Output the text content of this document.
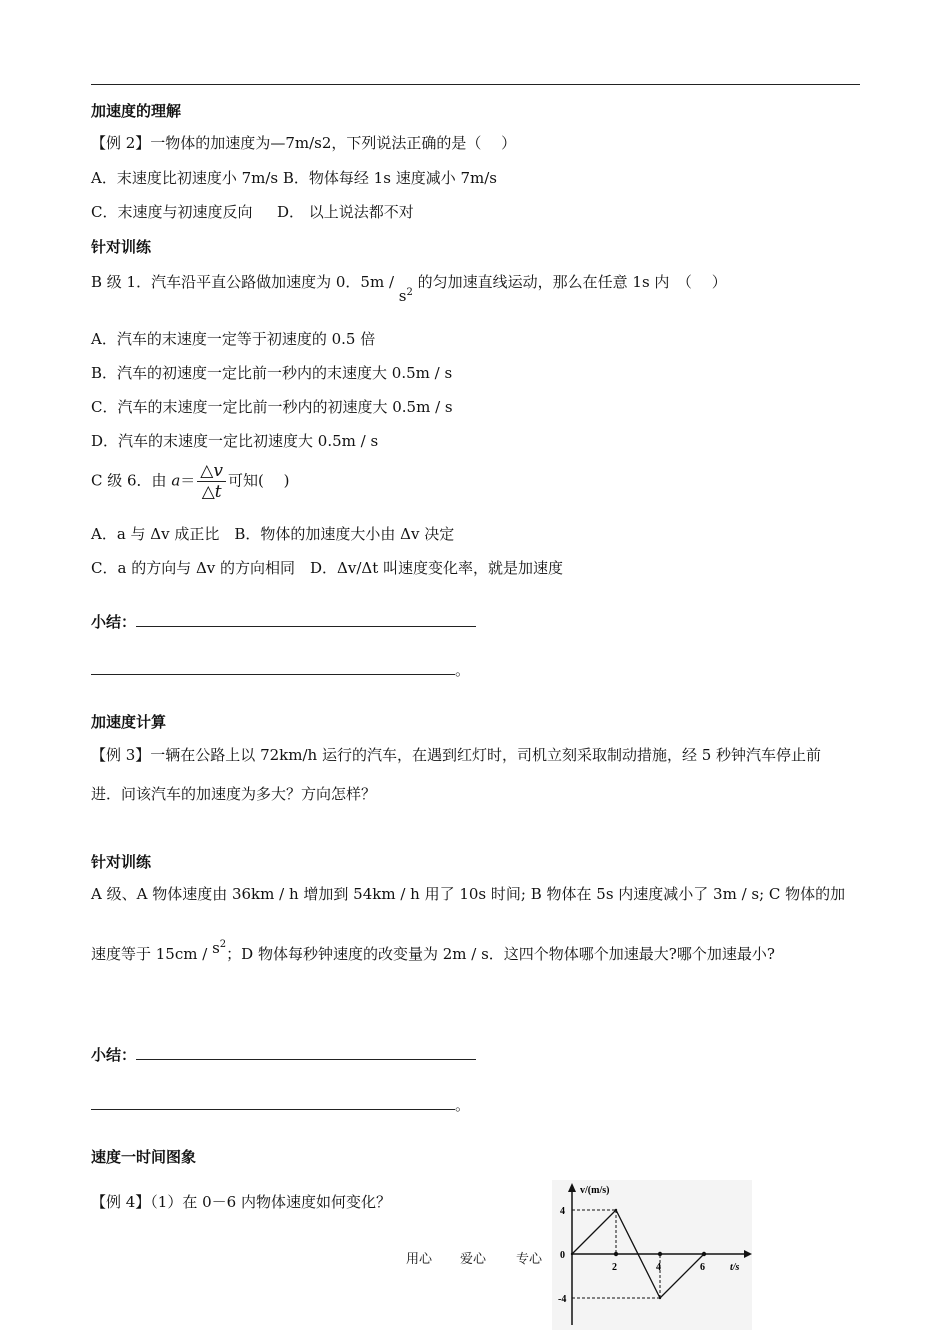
加速度的理解
【例 2】一物体的加速度为—7m/s2，下列说法正确的是（　 ）
A．末速度比初速度小 7m/s B．物体每经 1s 速度减小 7m/s
C．末速度与初速度反向 　 D． 以上说法都不对
针对训练
B 级 1．汽车沿平直公路做加速度为 0．$5m / s^2$ 的匀加速直线运动，那么在任意 1s 内　（　 ）
A．汽车的末速度一定等于初速度的 0.5 倍
B．汽车的初速度一定比前一秒内的末速度大 0.5m / s
C．汽车的末速度一定比前一秒内的初速度大 0.5m / s
D．汽车的末速度一定比初速度大 0.5m / s
C 级 6．由 $a= \frac{\triangle v}{\triangle t}$ 可知(　 )
A．a 与 Δv 成正比　B．物体的加速度大小由 Δv 决定
C．a 的方向与 Δv 的方向相同　D．Δv/Δt 叫速度变化率，就是加速度
小结：
。
加速度计算
【例 3】一辆在公路上以 72km/h 运行的汽车，在遇到红灯时，司机立刻采取制动措施，经 5 秒钟汽车停止前
进．问该汽车的加速度为多大？方向怎样？
针对训练
A 级、A 物体速度由 36km / h 增加到 54km / h 用了 10s 时间; B 物体在 5s 内速度减小了 3m / s; C 物体的加
速度等于 $15cm / s^2$；D 物体每秒钟速度的改变量为 2m / s．这四个物体哪个加速最大?哪个加速最小?
小结：
。
速度一时间图象
【例 4】（1）在 0－6 内物体速度如何变化？
用心 爱心 专心
v/(m/s)
t/s
2	4	6
4
0
-4
